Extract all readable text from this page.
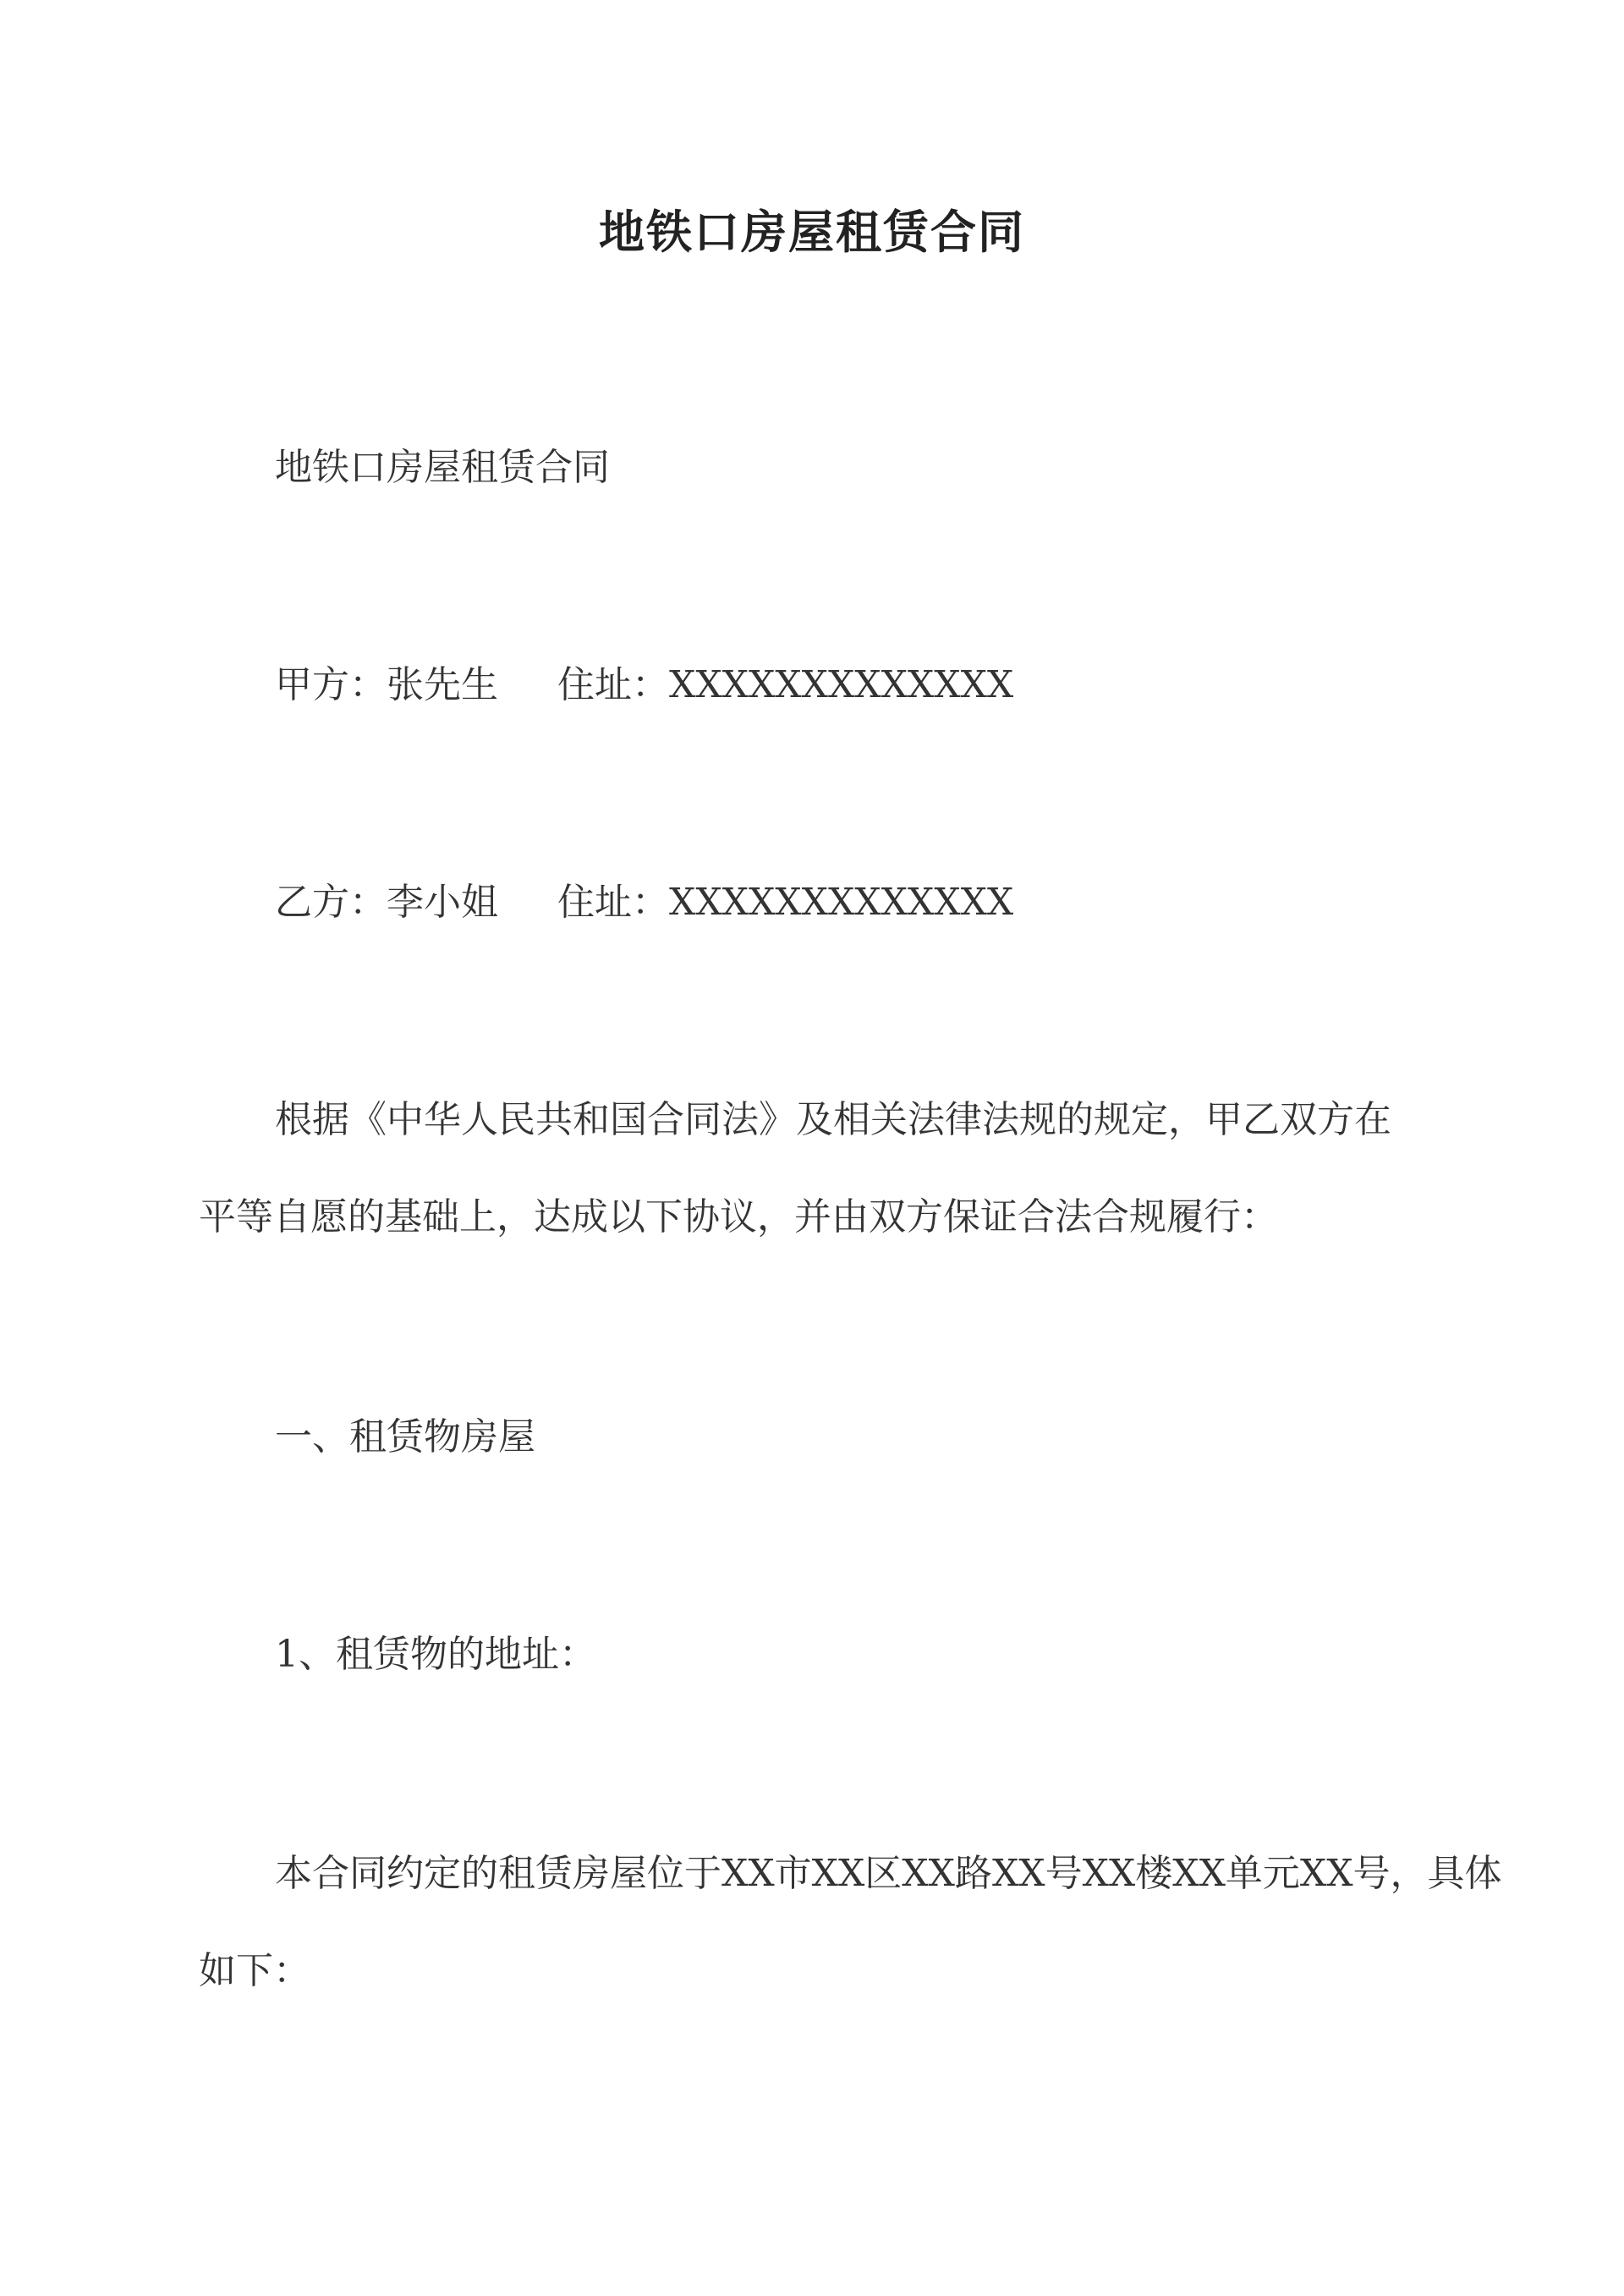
地铁口房屋租赁合同
地铁口房屋租赁合同
甲方：张先生 住址：XXXXXXXXXXXXX
乙方：李小姐 住址：XXXXXXXXXXXXX
根据《中华人民共和国合同法》及相关法律法规的规定，甲乙双方在
平等自愿的基础上，达成以下协议，并由双方保证合法合规履行：
一、租赁物房屋
1、租赁物的地址：
本合同约定的租赁房屋位于XX市XX区XX路XX号XX楼XX单元XX号，具体
如下：
